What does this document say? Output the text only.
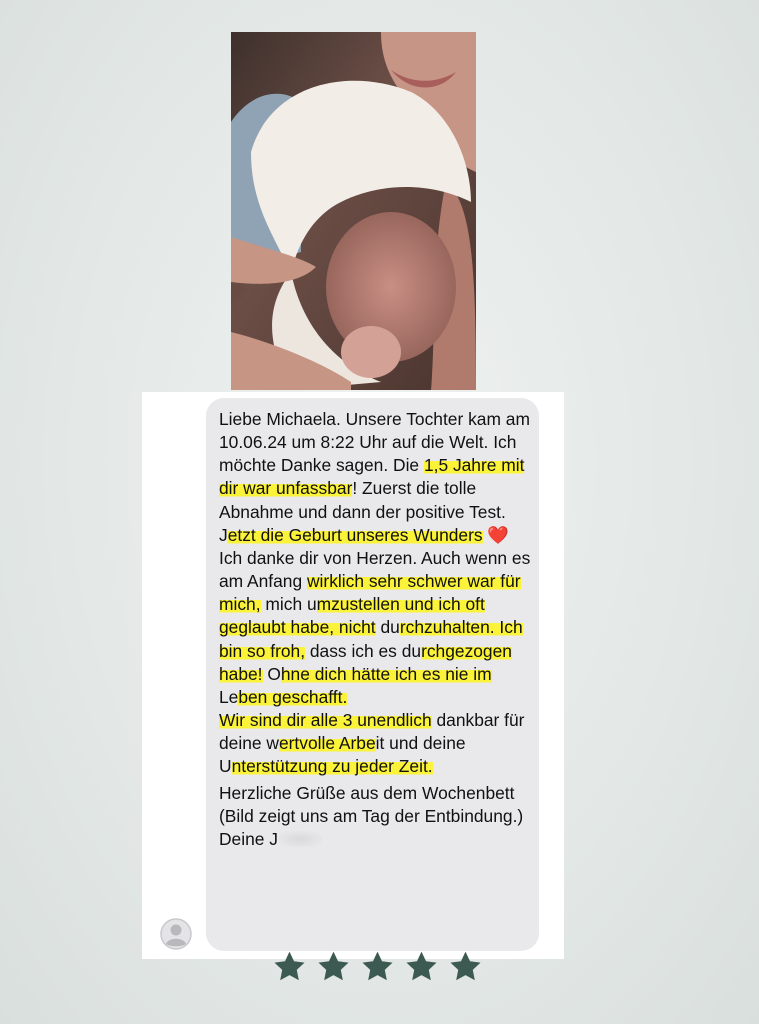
Liebe Michaela. Unsere Tochter kam am 10.06.24 um 8:22 Uhr auf die Welt. Ich möchte Danke sagen. Die 1,5 Jahre mit dir war unfassbar! Zuerst die tolle Abnahme und dann der positive Test. Jetzt die Geburt unseres Wunders ❤️ Ich danke dir von Herzen. Auch wenn es am Anfang wirklich sehr schwer war für mich, mich umzustellen und ich oft geglaubt habe, nicht durchzuhalten. Ich bin so froh, dass ich es durchgezogen habe! Ohne dich hätte ich es nie im Leben geschafft.

Wir sind dir alle 3 unendlich dankbar für deine wertvolle Arbeit und deine Unterstützung zu jeder Zeit.

Herzliche Grüße aus dem Wochenbett (Bild zeigt uns am Tag der Entbindung.) Deine J
